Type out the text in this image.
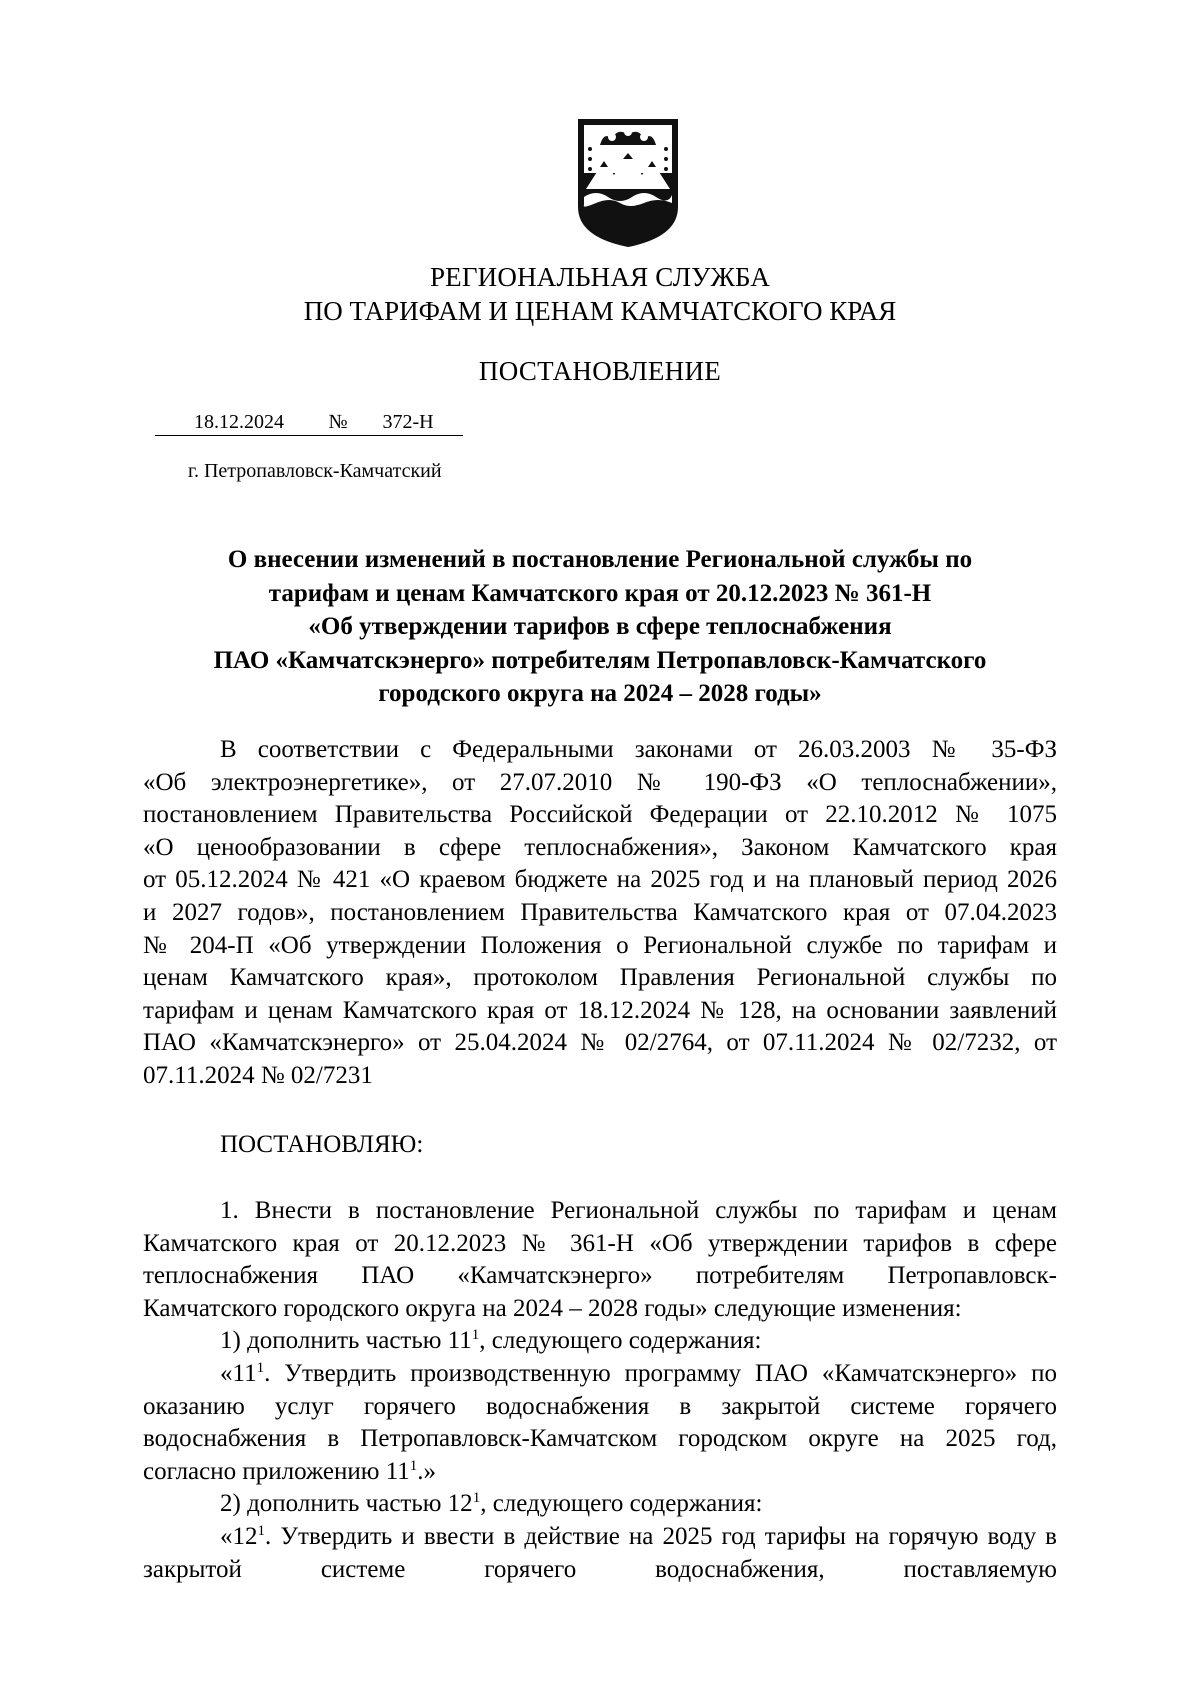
РЕГИОНАЛЬНАЯ СЛУЖБА
ПО ТАРИФАМ И ЦЕНАМ КАМЧАТСКОГО КРАЯ
ПОСТАНОВЛЕНИЕ
18.12.2024 № 372-Н
г. Петропавловск-Камчатский
О внесении изменений в постановление Региональной службы по
тарифам и ценам Камчатского края от 20.12.2023 № 361-Н
«Об утверждении тарифов в сфере теплоснабжения
ПАО «Камчатскэнерго» потребителям Петропавловск-Камчатского
городского округа на 2024 – 2028 годы»
В соответствии с Федеральными законами от 26.03.2003 № 35-ФЗ
«Об электроэнергетике», от 27.07.2010 № 190-ФЗ «О теплоснабжении»,
постановлением Правительства Российской Федерации от 22.10.2012 № 1075
«О ценообразовании в сфере теплоснабжения», Законом Камчатского края
от 05.12.2024 № 421 «О краевом бюджете на 2025 год и на плановый период 2026
и 2027 годов», постановлением Правительства Камчатского края от 07.04.2023
№ 204-П «Об утверждении Положения о Региональной службе по тарифам и
ценам Камчатского края», протоколом Правления Региональной службы по
тарифам и ценам Камчатского края от 18.12.2024 № 128, на основании заявлений
ПАО «Камчатскэнерго» от 25.04.2024 № 02/2764, от 07.11.2024 № 02/7232, от
07.11.2024 № 02/7231
ПОСТАНОВЛЯЮ:
1. Внести в постановление Региональной службы по тарифам и ценам
Камчатского края от 20.12.2023 № 361-Н «Об утверждении тарифов в сфере
теплоснабжения ПАО «Камчатскэнерго» потребителям Петропавловск-
Камчатского городского округа на 2024 – 2028 годы» следующие изменения:
1) дополнить частью $11^1$, следующего содержания:
«$11^1$. Утвердить производственную программу ПАО «Камчатскэнерго» по
оказанию услуг горячего водоснабжения в закрытой системе горячего
водоснабжения в Петропавловск-Камчатском городском округе на 2025 год,
согласно приложению $11^1$.»
2) дополнить частью $12^1$, следующего содержания:
«$12^1$. Утвердить и ввести в действие на 2025 год тарифы на горячую воду в
закрытой системе горячего водоснабжения, поставляемую
